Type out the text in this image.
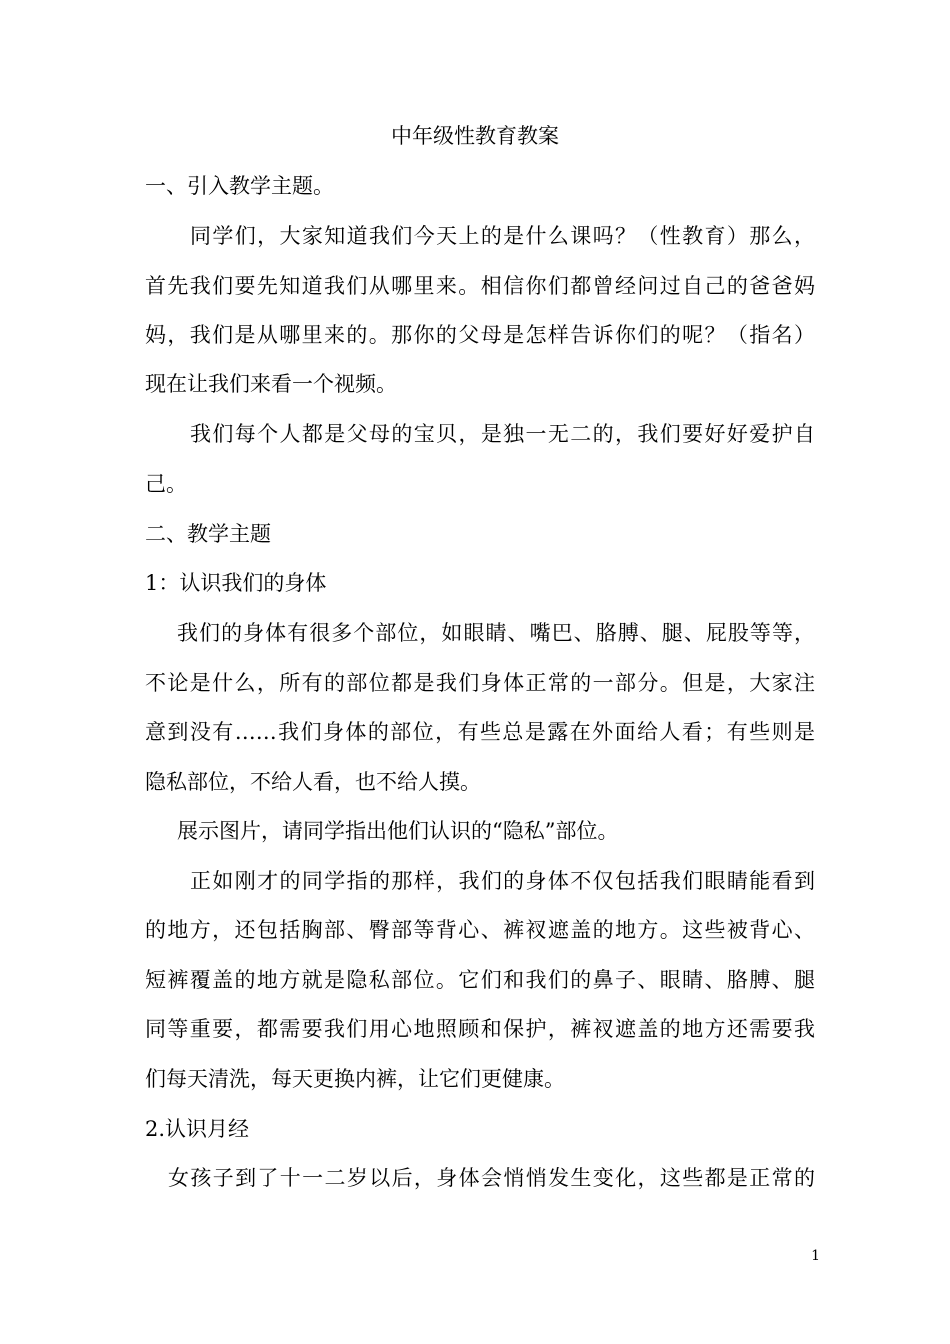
中年级性教育教案
一、引入教学主题。
同学们，大家知道我们今天上的是什么课吗？（性教育）那么，
首先我们要先知道我们从哪里来。相信你们都曾经问过自己的爸爸妈
妈，我们是从哪里来的。那你的父母是怎样告诉你们的呢？（指名）
现在让我们来看一个视频。
我们每个人都是父母的宝贝，是独一无二的，我们要好好爱护自
己。
二、教学主题
1：认识我们的身体
我们的身体有很多个部位，如眼睛、嘴巴、胳膊、腿、屁股等等，
不论是什么，所有的部位都是我们身体正常的一部分。但是，大家注
意到没有……我们身体的部位，有些总是露在外面给人看；有些则是
隐私部位，不给人看，也不给人摸。
展示图片，请同学指出他们认识的“隐私”部位。
正如刚才的同学指的那样，我们的身体不仅包括我们眼睛能看到
的地方，还包括胸部、臀部等背心、裤衩遮盖的地方。这些被背心、
短裤覆盖的地方就是隐私部位。它们和我们的鼻子、眼睛、胳膊、腿
同等重要，都需要我们用心地照顾和保护，裤衩遮盖的地方还需要我
们每天清洗，每天更换内裤，让它们更健康。
2.认识月经
女孩子到了十一二岁以后，身体会悄悄发生变化，这些都是正常的
1
